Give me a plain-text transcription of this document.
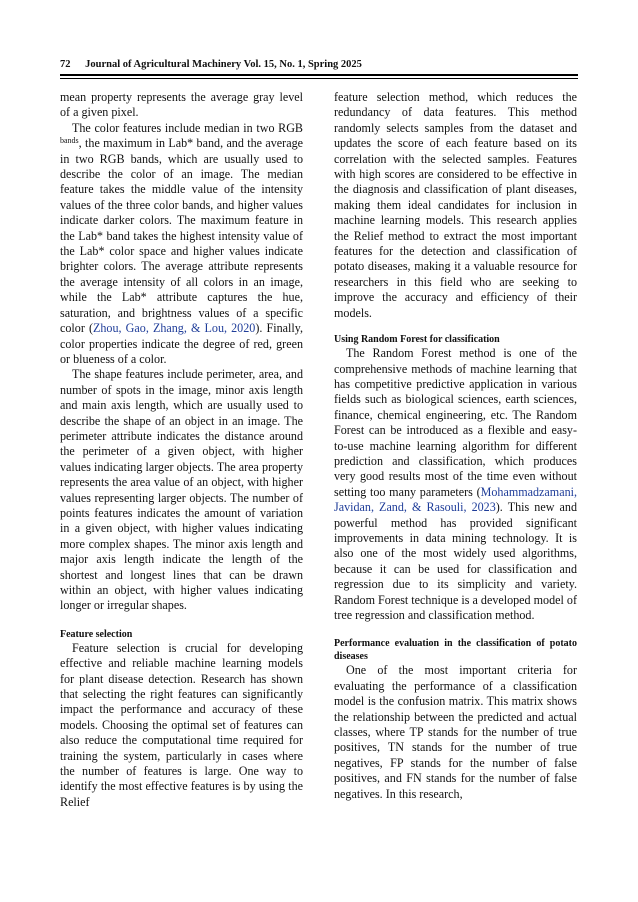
72 Journal of Agricultural Machinery Vol. 15, No. 1, Spring 2025

mean property represents the average gray level of a given pixel.

The color features include median in two RGB $^{bands}$, the maximum in Lab* band, and the average in two RGB bands, which are usually used to describe the color of an image. The median feature takes the middle value of the intensity values of the three color bands, and higher values indicate darker colors. The maximum feature in the Lab* band takes the highest intensity value of the Lab* color space and higher values indicate brighter colors. The average attribute represents the average intensity of all colors in an image, while the Lab* attribute captures the hue, saturation, and brightness values of a specific color (Zhou, Gao, Zhang, & Lou, 2020). Finally, color properties indicate the degree of red, green or blueness of a color.

The shape features include perimeter, area, and number of spots in the image, minor axis length and main axis length, which are usually used to describe the shape of an object in an image. The perimeter attribute indicates the distance around the perimeter of a given object, with higher values indicating larger objects. The area property represents the area value of an object, with higher values representing larger objects. The number of points features indicates the amount of variation in a given object, with higher values indicating more complex shapes. The minor axis length and major axis length indicate the length of the shortest and longest lines that can be drawn within an object, with higher values indicating longer or irregular shapes.

Feature selection

Feature selection is crucial for developing effective and reliable machine learning models for plant disease detection. Research has shown that selecting the right features can significantly impact the performance and accuracy of these models. Choosing the optimal set of features can also reduce the computational time required for training the system, particularly in cases where the number of features is large. One way to identify the most effective features is by using the Relief

feature selection method, which reduces the redundancy of data features. This method randomly selects samples from the dataset and updates the score of each feature based on its correlation with the selected samples. Features with high scores are considered to be effective in the diagnosis and classification of plant diseases, making them ideal candidates for inclusion in machine learning models. This research applies the Relief method to extract the most important features for the detection and classification of potato diseases, making it a valuable resource for researchers in this field who are seeking to improve the accuracy and efficiency of their models.

Using Random Forest for classification

The Random Forest method is one of the comprehensive methods of machine learning that has competitive predictive application in various fields such as biological sciences, earth sciences, finance, chemical engineering, etc. The Random Forest can be introduced as a flexible and easy-to-use machine learning algorithm for different prediction and classification, which produces very good results most of the time even without setting too many parameters (Mohammadzamani, Javidan, Zand, & Rasouli, 2023). This new and powerful method has provided significant improvements in data mining technology. It is also one of the most widely used algorithms, because it can be used for classification and regression due to its simplicity and variety. Random Forest technique is a developed model of tree regression and classification method.

Performance evaluation in the classification of potato diseases

One of the most important criteria for evaluating the performance of a classification model is the confusion matrix. This matrix shows the relationship between the predicted and actual classes, where TP stands for the number of true positives, TN stands for the number of true negatives, FP stands for the number of false positives, and FN stands for the number of false negatives. In this research,
